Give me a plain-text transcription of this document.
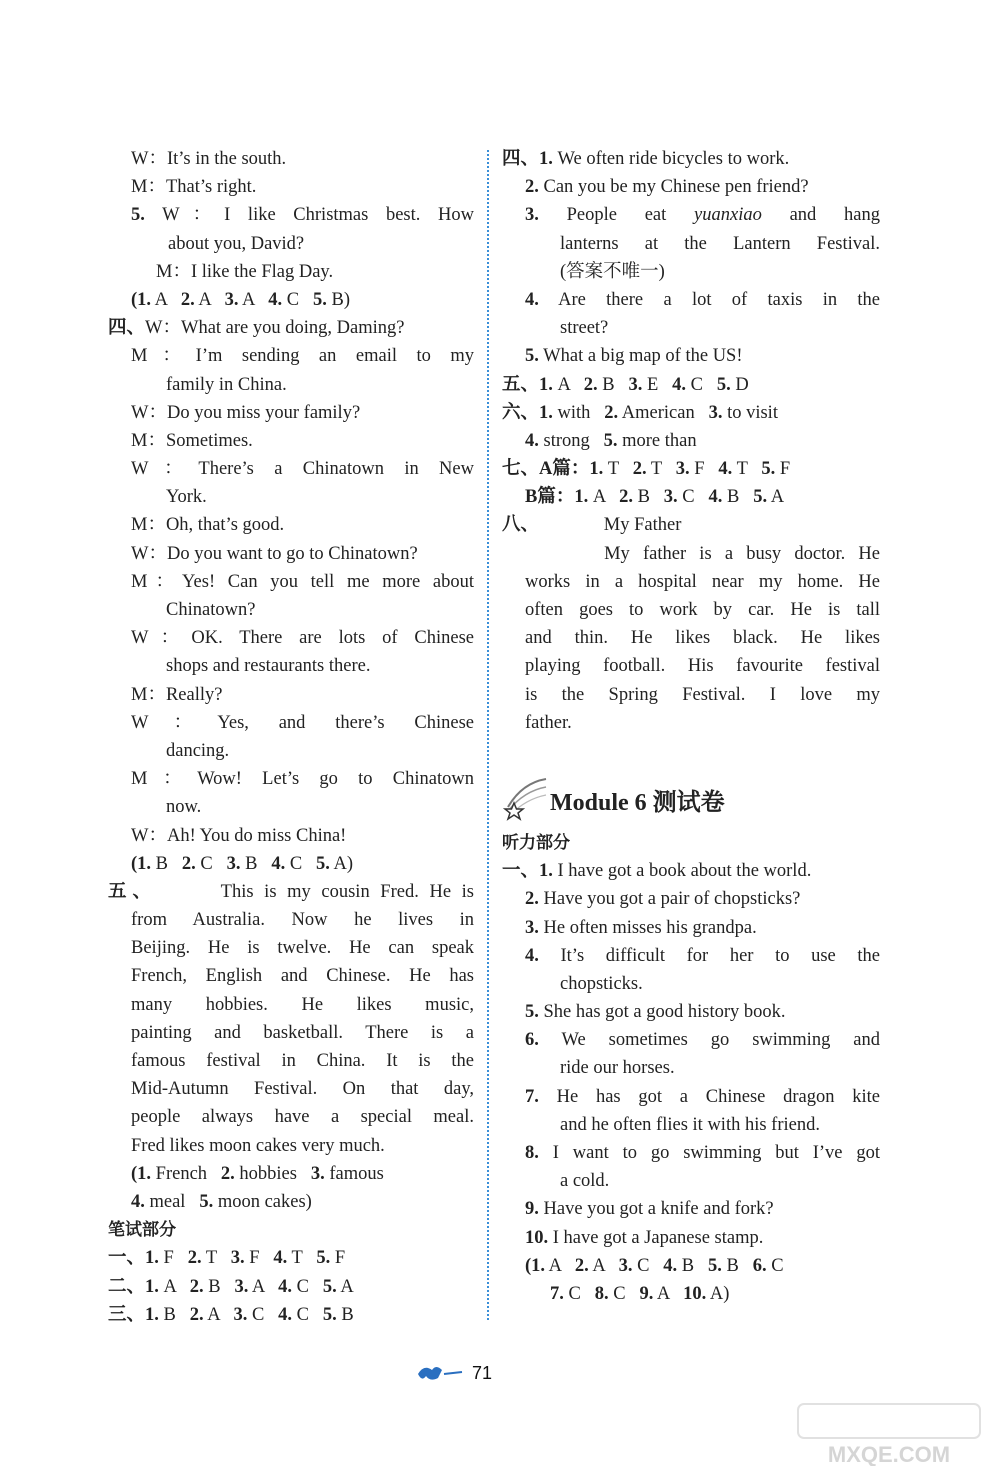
W：It’s in the south.
M：That’s right.
5. W：I like Christmas best. How
about you, David?
M：I like the Flag Day.
(1. A   2. A   3. A   4. C   5. B)
四、W：What are you doing, Daming?
M：I’m sending an email to my
family in China.
W：Do you miss your family?
M：Sometimes.
W：There’s a Chinatown in New
York.
M：Oh, that’s good.
W：Do you want to go to Chinatown?
M：Yes! Can you tell me more about
Chinatown?
W：OK. There are lots of Chinese
shops and restaurants there.
M：Really?
W：Yes, and there’s Chinese
dancing.
M：Wow! Let’s go to Chinatown
now.
W：Ah! You do miss China!
(1. B   2. C   3. B   4. C   5. A)
五、      This is my cousin Fred. He is
from Australia. Now he lives in
Beijing. He is twelve. He can speak
French, English and Chinese. He has
many hobbies. He likes music,
painting and basketball. There is a
famous festival in China. It is the
Mid-Autumn Festival. On that day,
people always have a special meal.
Fred likes moon cakes very much.
(1. French   2. hobbies   3. famous
4. meal   5. moon cakes)
笔试部分
一、1. F   2. T   3. F   4. T   5. F
二、1. A   2. B   3. A   4. C   5. A
三、1. B   2. A   3. C   4. C   5. B
四、1. We often ride bicycles to work.
2. Can you be my Chinese pen friend?
3. People eat yuanxiao and hang
lanterns at the Lantern Festival.
(答案不唯一)
4. Are there a lot of taxis in the
street?
5. What a big map of the US!
五、1. A   2. B   3. E   4. C   5. D
六、1. with   2. American   3. to visit
4. strong   5. more than
七、A篇：1. T   2. T   3. F   4. T   5. F
B篇：1. A   2. B   3. C   4. B   5. A
八、              My Father
My father is a busy doctor. He
works in a hospital near my home. He
often goes to work by car. He is tall
and thin. He likes black. He likes
playing football. His favourite festival
is the Spring Festival. I love my
father.
Module 6 测试卷
听力部分
一、1. I have got a book about the world.
2. Have you got a pair of chopsticks?
3. He often misses his grandpa.
4. It’s difficult for her to use the
chopsticks.
5. She has got a good history book.
6. We sometimes go swimming and
ride our horses.
7. He has got a Chinese dragon kite
and he often flies it with his friend.
8. I want to go swimming but I’ve got
a cold.
9. Have you got a knife and fork?
10. I have got a Japanese stamp.
(1. A   2. A   3. C   4. B   5. B   6. C
7. C   8. C   9. A   10. A)
71
MXQE.COM
